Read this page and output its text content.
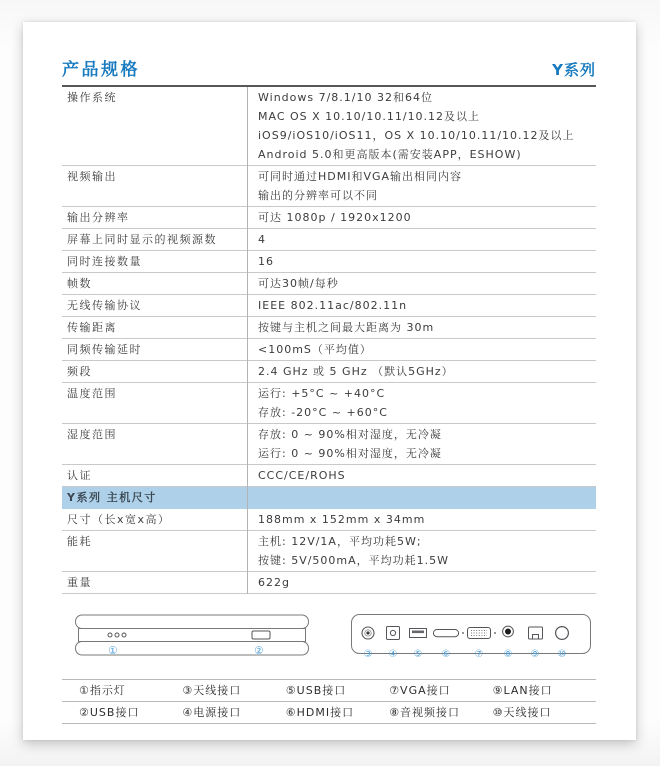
产品规格	Y系列
操作系统	Windows 7/8.1/10 32和64位
MAC OS X 10.10/10.11/10.12及以上
iOS9/iOS10/iOS11，OS X 10.10/10.11/10.12及以上
Android 5.0和更高版本(需安装APP，ESHOW)
视频输出	可同时通过HDMI和VGA输出相同内容
输出的分辨率可以不同
输出分辨率	可达 1080p / 1920x1200
屏幕上同时显示的视频源数	4
同时连接数量	16
帧数	可达30帧/每秒
无线传输协议	IEEE 802.11ac/802.11n
传输距离	按键与主机之间最大距离为 30m
同频传输延时	<100mS（平均值）
频段	2.4 GHz 或 5 GHz （默认5GHz）
温度范围	运行: +5°C ~ +40°C
存放: -20°C ~ +60°C
湿度范围	存放: 0 ~ 90%相对湿度，无冷凝
运行: 0 ~ 90%相对湿度，无冷凝
认证	CCC/CE/ROHS
Y系列 主机尺寸
尺寸（长x宽x高）	188mm x 152mm x 34mm
能耗	主机: 12V/1A，平均功耗5W;
按键: 5V/500mA，平均功耗1.5W
重量	622g
①	②	③ ④ ⑤ ⑥ ⑦ ⑧ ⑨ ⑩
①指示灯	③天线接口	⑤USB接口	⑦VGA接口	⑨LAN接口
②USB接口	④电源接口	⑥HDMI接口	⑧音视频接口	⑩天线接口
